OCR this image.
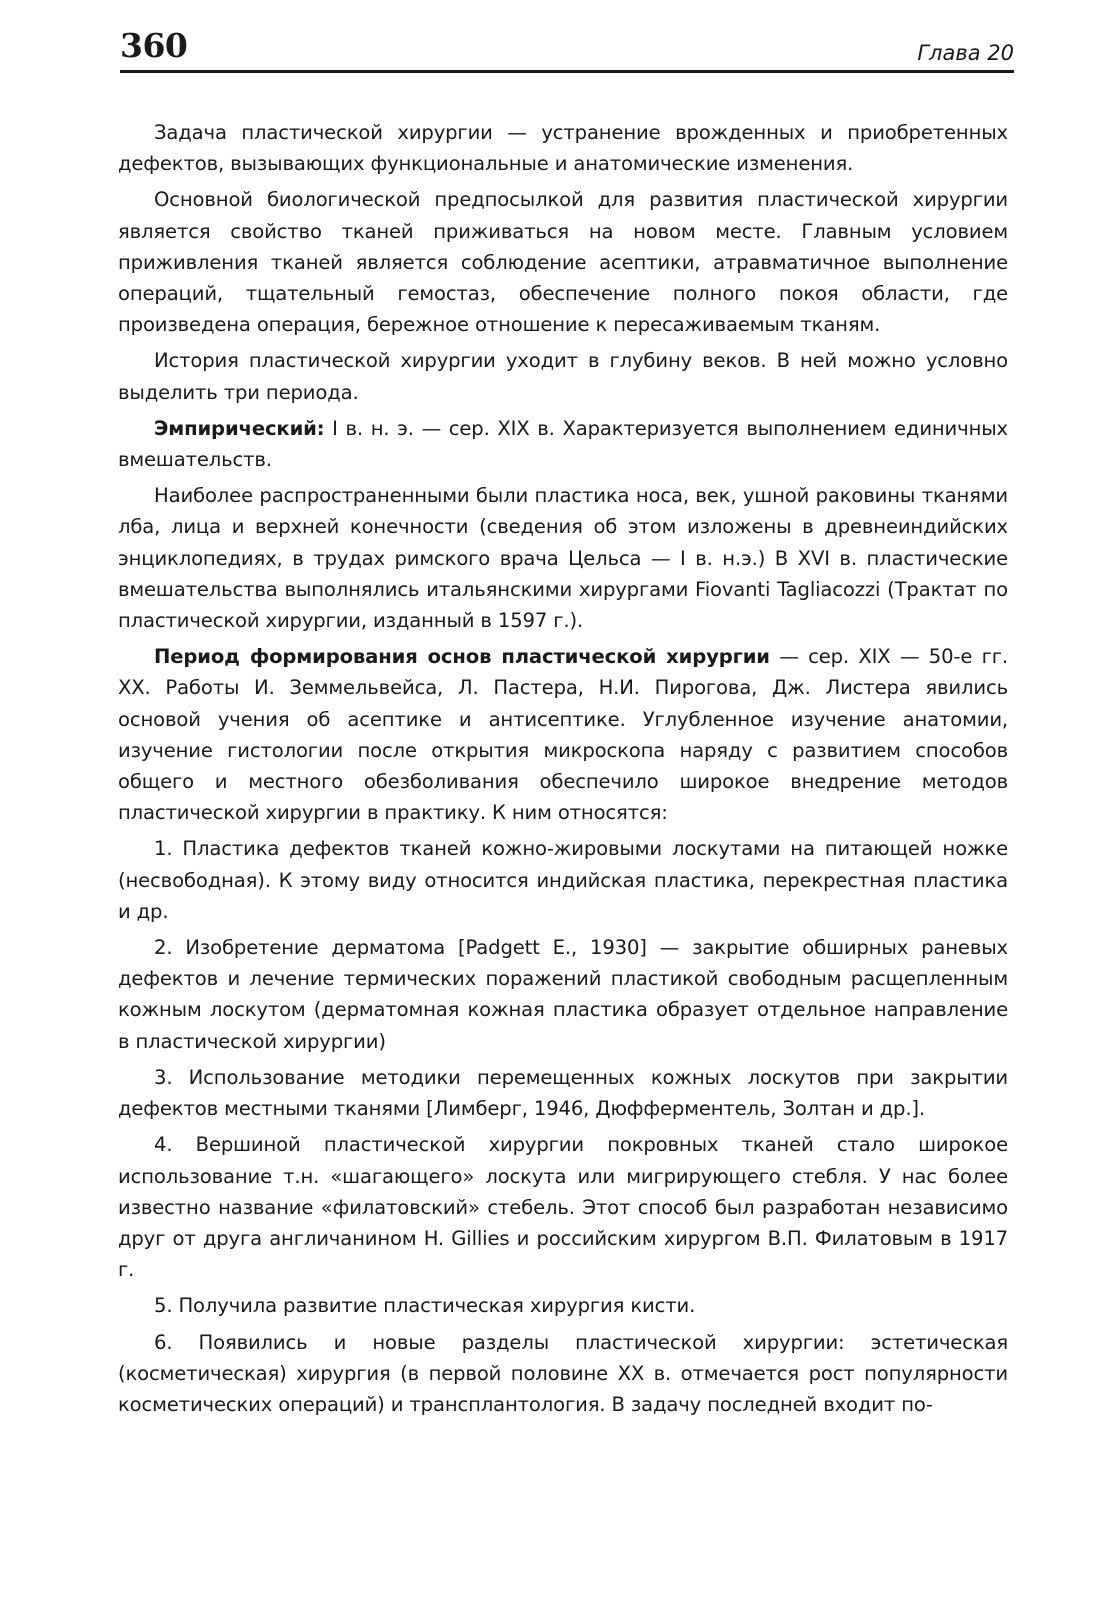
360	Глава 20

Задача пластической хирургии — устранение врожденных и приобретенных дефектов, вызывающих функциональные и анатомические изменения.

Основной биологической предпосылкой для развития пластической хирургии является свойство тканей приживаться на новом месте. Главным условием приживления тканей является соблюдение асептики, атравматичное выполнение операций, тщательный гемостаз, обеспечение полного покоя области, где произведена операция, бережное отношение к пересаживаемым тканям.

История пластической хирургии уходит в глубину веков. В ней можно условно выделить три периода.

Эмпирический: I в. н. э. — сер. XIX в. Характеризуется выполнением единичных вмешательств.

Наиболее распространенными были пластика носа, век, ушной раковины тканями лба, лица и верхней конечности (сведения об этом изложены в древнеиндийских энциклопедиях, в трудах римского врача Цельса — I в. н.э.) В XVI в. пластические вмешательства выполнялись итальянскими хирургами Fiovanti Tagliacozzi (Трактат по пластической хирургии, изданный в 1597 г.).

Период формирования основ пластической хирургии — сер. XIX — 50-е гг. XX. Работы И. Земмельвейса, Л. Пастера, Н.И. Пирогова, Дж. Листера явились основой учения об асептике и антисептике. Углубленное изучение анатомии, изучение гистологии после открытия микроскопа наряду с развитием способов общего и местного обезболивания обеспечило широкое внедрение методов пластической хирургии в практику. К ним относятся:

1. Пластика дефектов тканей кожно-жировыми лоскутами на питающей ножке (несвободная). К этому виду относится индийская пластика, перекрестная пластика и др.

2. Изобретение дерматома [Padgett E., 1930] — закрытие обширных раневых дефектов и лечение термических поражений пластикой свободным расщепленным кожным лоскутом (дерматомная кожная пластика образует отдельное направление в пластической хирургии)

3. Использование методики перемещенных кожных лоскутов при закрытии дефектов местными тканями [Лимберг, 1946, Дюфферментель, Золтан и др.].

4. Вершиной пластической хирургии покровных тканей стало широкое использование т.н. «шагающего» лоскута или мигрирующего стебля. У нас более известно название «филатовский» стебель. Этот способ был разработан независимо друг от друга англичанином H. Gillies и российским хирургом В.П. Филатовым в 1917 г.

5. Получила развитие пластическая хирургия кисти.

6. Появились и новые разделы пластической хирургии: эстетическая (косметическая) хирургия (в первой половине XX в. отмечается рост популярности косметических операций) и трансплантология. В задачу последней входит по-
